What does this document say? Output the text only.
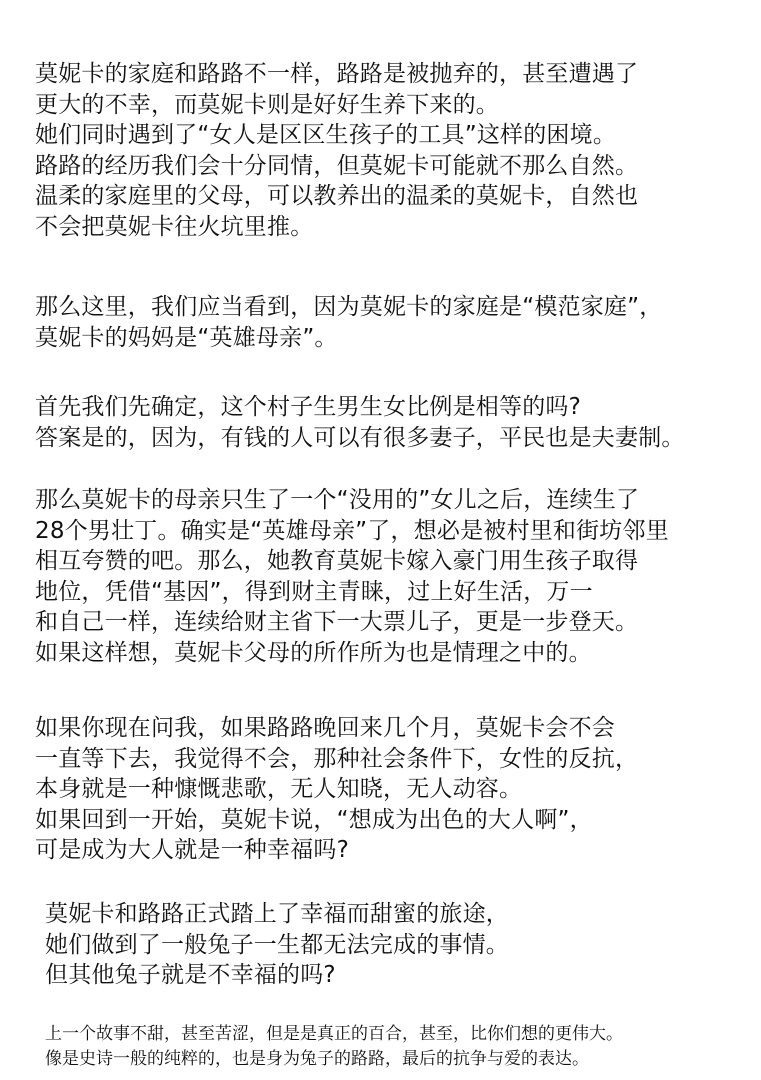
莫妮卡的家庭和路路不一样，路路是被抛弃的，甚至遭遇了
更大的不幸，而莫妮卡则是好好生养下来的。
她们同时遇到了“女人是区区生孩子的工具”这样的困境。
路路的经历我们会十分同情，但莫妮卡可能就不那么自然。
温柔的家庭里的父母，可以教养出的温柔的莫妮卡，自然也
不会把莫妮卡往火坑里推。
那么这里，我们应当看到，因为莫妮卡的家庭是“模范家庭”，
莫妮卡的妈妈是“英雄母亲”。
首先我们先确定，这个村子生男生女比例是相等的吗?
答案是的，因为，有钱的人可以有很多妻子，平民也是夫妻制。
那么莫妮卡的母亲只生了一个“没用的”女儿之后，连续生了
28个男壮丁。确实是“英雄母亲”了，想必是被村里和街坊邻里
相互夸赞的吧。那么，她教育莫妮卡嫁入豪门用生孩子取得
地位，凭借“基因”，得到财主青睐，过上好生活，万一
和自己一样，连续给财主省下一大票儿子，更是一步登天。
如果这样想，莫妮卡父母的所作所为也是情理之中的。
如果你现在问我，如果路路晚回来几个月，莫妮卡会不会
一直等下去，我觉得不会，那种社会条件下，女性的反抗，
本身就是一种慷慨悲歌，无人知晓，无人动容。
如果回到一开始，莫妮卡说，“想成为出色的大人啊”，
可是成为大人就是一种幸福吗?
莫妮卡和路路正式踏上了幸福而甜蜜的旅途，
她们做到了一般兔子一生都无法完成的事情。
但其他兔子就是不幸福的吗?
上一个故事不甜，甚至苦涩，但是是真正的百合，甚至，比你们想的更伟大。
像是史诗一般的纯粹的，也是身为兔子的路路，最后的抗争与爱的表达。
